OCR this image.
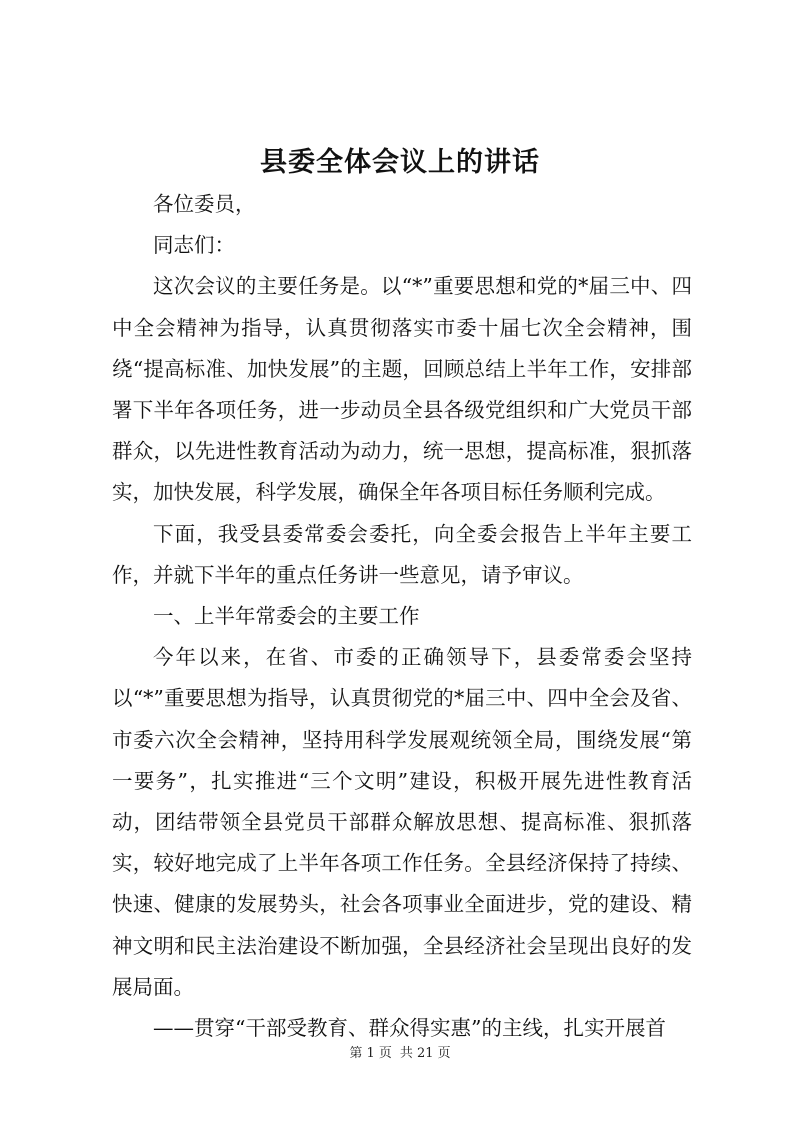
县委全体会议上的讲话

各位委员，

同志们：

这次会议的主要任务是。以“*”重要思想和党的*届三中、四中全会精神为指导，认真贯彻落实市委十届七次全会精神，围绕“提高标准、加快发展”的主题，回顾总结上半年工作，安排部署下半年各项任务，进一步动员全县各级党组织和广大党员干部群众，以先进性教育活动为动力，统一思想，提高标准，狠抓落实，加快发展，科学发展，确保全年各项目标任务顺利完成。

下面，我受县委常委会委托，向全委会报告上半年主要工作，并就下半年的重点任务讲一些意见，请予审议。

一、上半年常委会的主要工作

今年以来，在省、市委的正确领导下，县委常委会坚持以“*”重要思想为指导，认真贯彻党的*届三中、四中全会及省、市委六次全会精神，坚持用科学发展观统领全局，围绕发展“第一要务”，扎实推进“三个文明”建设，积极开展先进性教育活动，团结带领全县党员干部群众解放思想、提高标准、狠抓落实，较好地完成了上半年各项工作任务。全县经济保持了持续、快速、健康的发展势头，社会各项事业全面进步，党的建设、精神文明和民主法治建设不断加强，全县经济社会呈现出良好的发展局面。

——贯穿“干部受教育、群众得实惠”的主线，扎实开展首

第 1 页 共 21 页
